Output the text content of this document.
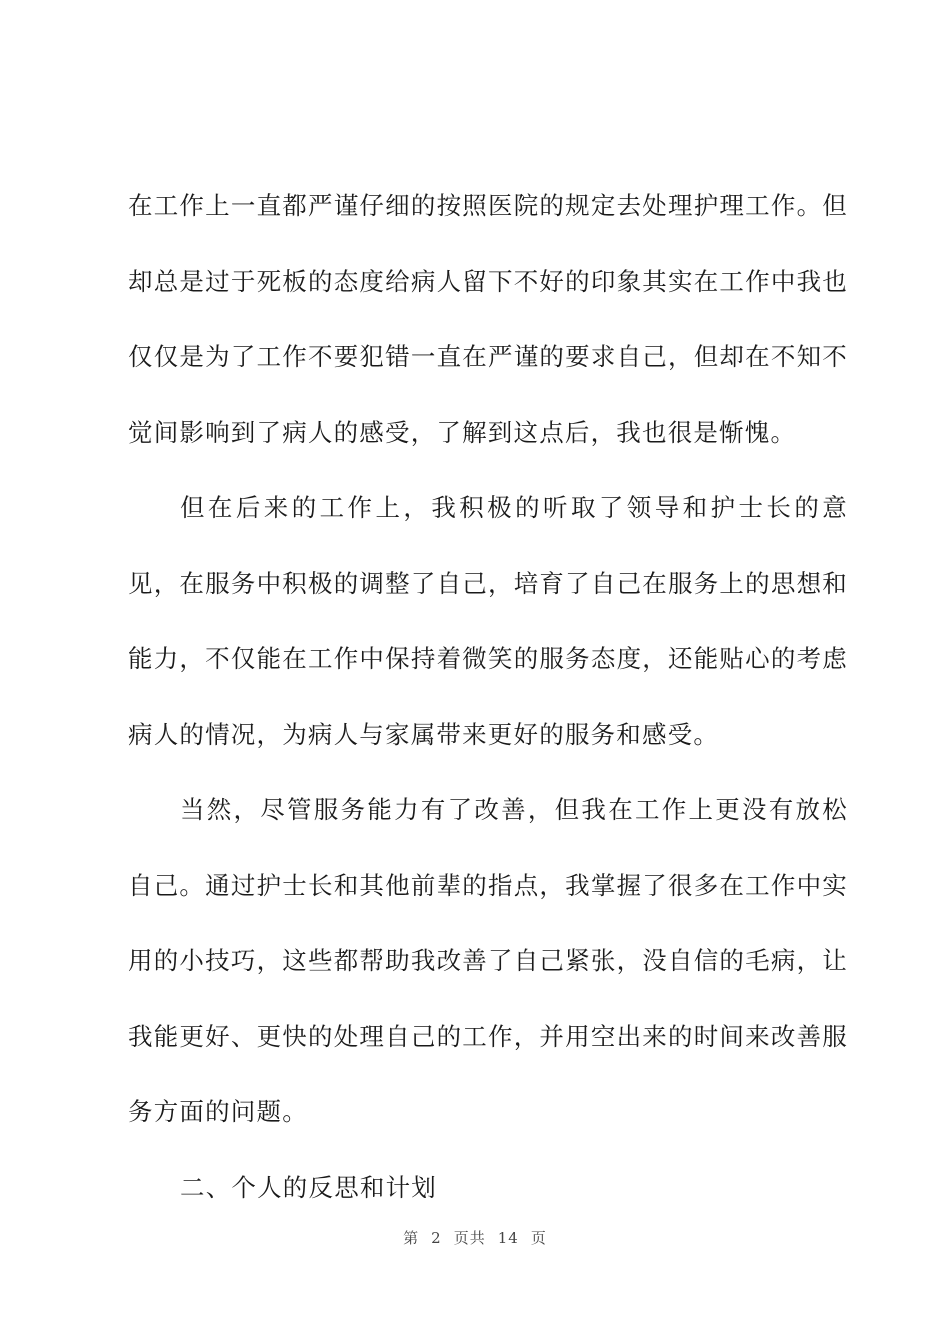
在工作上一直都严谨仔细的按照医院的规定去处理护理工作。但却总是过于死板的态度给病人留下不好的印象其实在工作中我也仅仅是为了工作不要犯错一直在严谨的要求自己，但却在不知不觉间影响到了病人的感受，了解到这点后，我也很是惭愧。

但在后来的工作上，我积极的听取了领导和护士长的意见，在服务中积极的调整了自己，培育了自己在服务上的思想和能力，不仅能在工作中保持着微笑的服务态度，还能贴心的考虑病人的情况，为病人与家属带来更好的服务和感受。

当然，尽管服务能力有了改善，但我在工作上更没有放松自己。通过护士长和其他前辈的指点，我掌握了很多在工作中实用的小技巧，这些都帮助我改善了自己紧张，没自信的毛病，让我能更好、更快的处理自己的工作，并用空出来的时间来改善服务方面的问题。

二、个人的反思和计划

第 2 页共 14 页
